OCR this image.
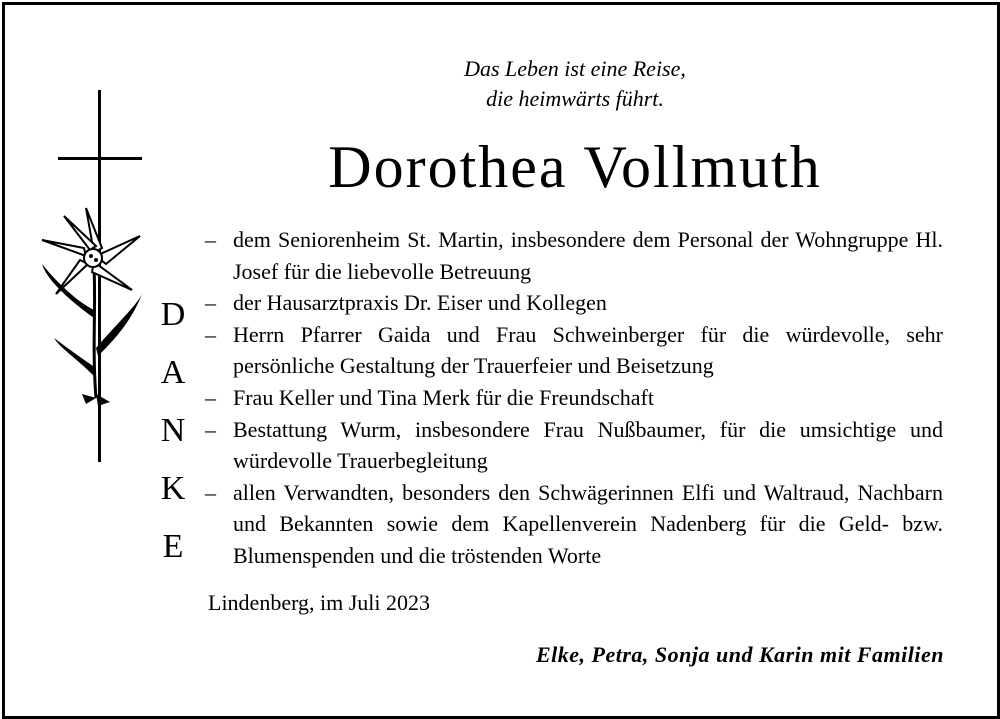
Das Leben ist eine Reise,
die heimwärts führt.
Dorothea Vollmuth
D
A
N
K
E
– dem Seniorenheim St. Martin, insbesondere dem Personal der Wohngruppe Hl. Josef für die liebevolle Betreuung
– der Hausarztpraxis Dr. Eiser und Kollegen
– Herrn Pfarrer Gaida und Frau Schweinberger für die würdevolle, sehr persönliche Gestaltung der Trauerfeier und Beisetzung
– Frau Keller und Tina Merk für die Freundschaft
– Bestattung Wurm, insbesondere Frau Nußbaumer, für die umsichtige und würdevolle Trauerbegleitung
– allen Verwandten, besonders den Schwägerinnen Elfi und Waltraud, Nachbarn und Bekannten sowie dem Kapellenverein Nadenberg für die Geld- bzw. Blumenspenden und die tröstenden Worte
Lindenberg, im Juli 2023
Elke, Petra, Sonja und Karin mit Familien
